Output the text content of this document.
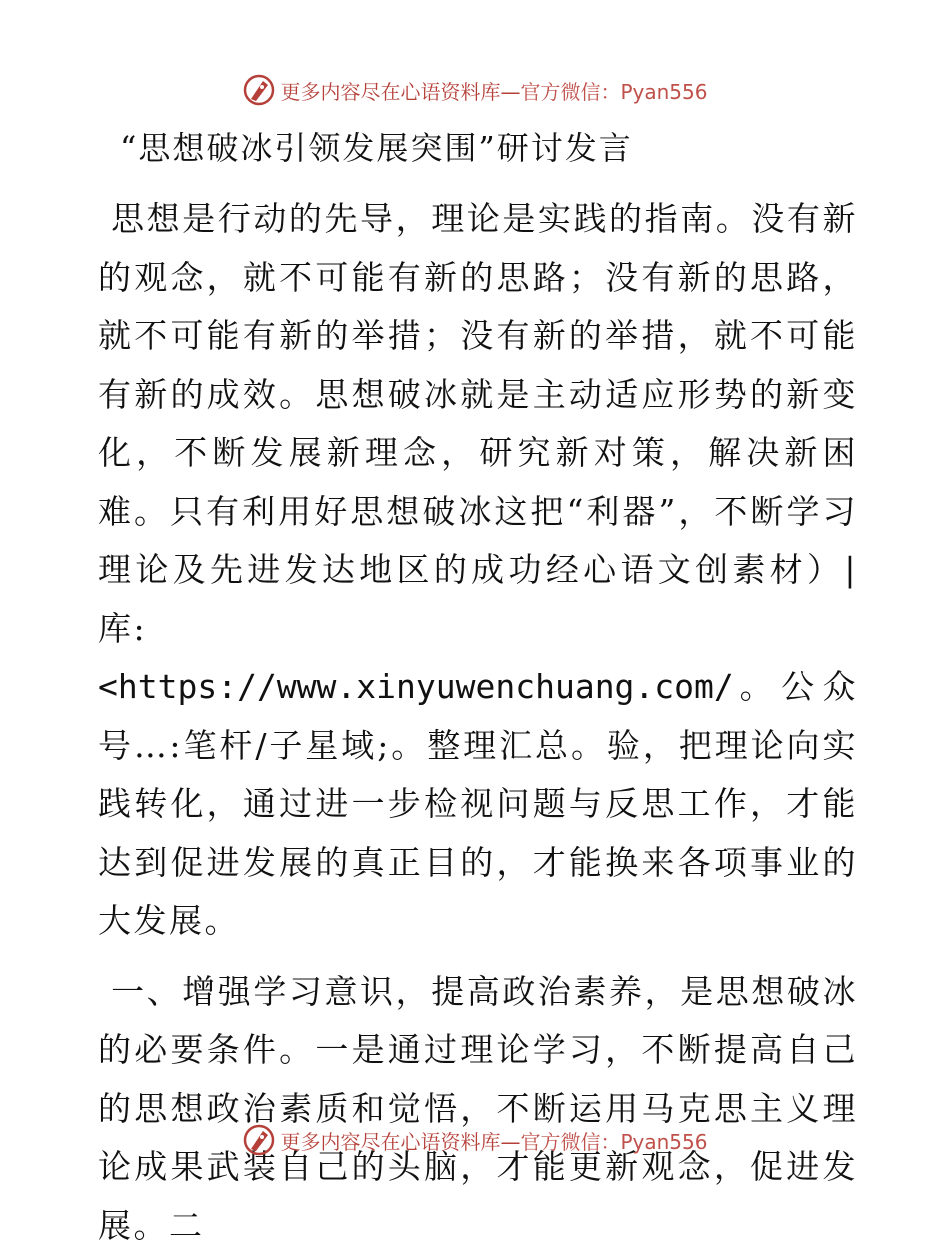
更多内容尽在心语资料库—官方微信：Pyan556
“思想破冰引领发展突围”研讨发言

思想是行动的先导，理论是实践的指南。没有新的观念，就不可能有新的思路；没有新的思路，就不可能有新的举措；没有新的举措，就不可能有新的成效。思想破冰就是主动适应形势的新变化，不断发展新理念，研究新对策，解决新困难。只有利用好思想破冰这把“利器”，不断学习理论及先进发达地区的成功经心语文创素材）|库:
<https://www.xinyuwenchuang.com/。公众号…:笔杆/子星域;。整理汇总。验，把理论向实践转化，通过进一步检视问题与反思工作，才能达到促进发展的真正目的，才能换来各项事业的大发展。

一、增强学习意识，提高政治素养，是思想破冰的必要条件。一是通过理论学习，不断提高自己的思想政治素质和觉悟，不断运用马克思主义理论成果武装自己的头脑，才能更新观念，促进发展。二

更多内容尽在心语资料库—官方微信：Pyan556
